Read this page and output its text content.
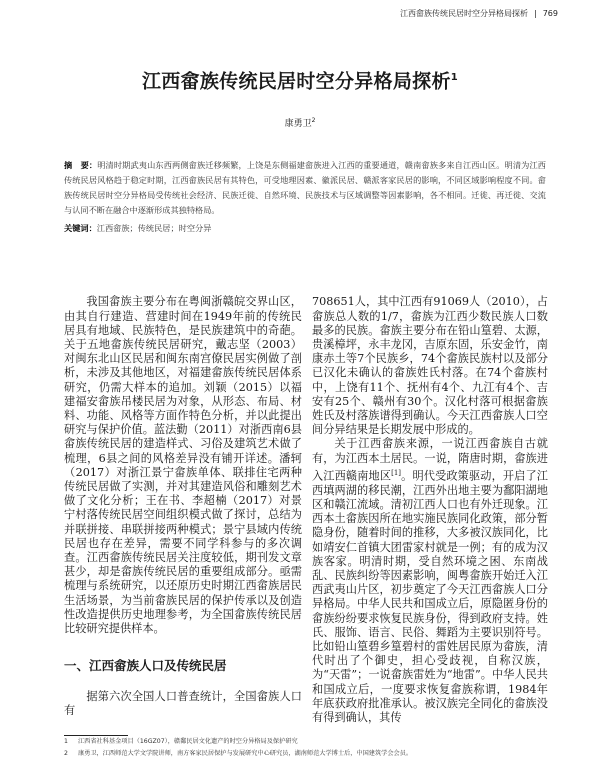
江西畲族传统民居时空分异格局探析 | 769
江西畲族传统民居时空分异格局探析$^1$
康勇卫$^2$
摘　要：明清时期武夷山东西两侧畲族迁移频繁，上饶是东侧福建畲族进入江西的重要通道，赣南畲族多来自江西山区。明清为江西传统民居风格趋于稳定时期，江西畲族民居有其特色，可受地理因素、徽派民居、赣派客家民居的影响，不同区域影响程度不同。畲族传统民居时空分异格局受传统社会经济、民族迁徙、自然环境、民族技术与区域调整等因素影响，各不相同。迁徙、再迁徙、交流与认同不断在融合中逐渐形成其独特格局。
关键词：江西畲族；传统民居；时空分异

我国畲族主要分布在粤闽浙赣皖交界山区，由其自行建造、营建时间在1949年前的传统民居具有地域、民族特色，是民族建筑中的奇葩。关于五地畲族传统民居研究，戴志坚（2003）对闽东北山区民居和闽东南宫僚民居实例做了剖析，未涉及其他地区，对福建畲族传统民居体系研究，仍需大样本的追加。刘颖（2015）以福建福安畲族吊楼民居为对象，从形态、布局、材料、功能、风格等方面作特色分析，并以此提出研究与保护价值。蓝法勤（2011）对浙西南6县畲族传统民居的建造样式、习俗及建筑艺术做了梳理，6县之间的风格差异没有铺开详述。潘轲（2017）对浙江景宁畲族单体、联排住宅两种传统民居做了实测，并对其建造风俗和雕刻艺术做了文化分析；王在书、李超楠（2017）对景宁村落传统民居空间组织模式做了探讨，总结为并联拼接、串联拼接两种模式；景宁县域内传统民居也存在差异，需要不同学科参与的多次调查。江西畲族传统民居关注度较低，期刊发文章甚少，却是畲族传统民居的重要组成部分。亟需梳理与系统研究，以还原历史时期江西畲族居民生活场景，为当前畲族民居的保护传承以及创造性改造提供历史地理参考，为全国畲族传统民居比较研究提供样本。

一、江西畲族人口及传统民居

据第六次全国人口普查统计，全国畲族人口有

708651人，其中江西有91069人（2010），占畲族总人数的1/7，畲族为江西少数民族人口数最多的民族。畲族主要分布在铅山篁碧、太源，贵溪樟坪，永丰龙冈，吉原东固，乐安金竹，南康赤土等7个民族乡，74个畲族民族村以及部分已汉化未确认的畲族姓氏村落。在74个畲族村中，上饶有11个、抚州有4个、九江有4个、吉安有25个、赣州有30个。汉化村落可根据畲族姓氏及村落族谱得到确认。今天江西畲族人口空间分异结果是长期发展中形成的。

关于江西畲族来源，一说江西畲族自古就有，为江西本土居民。一说，隋唐时期，畲族进入江西赣南地区[1]。明代受政策驱动，开启了江西填两湖的移民潮，江西外出地主要为鄱阳湖地区和赣江流域。清初江西人口也有外迁现象。江西本土畲族因所在地实施民族同化政策，部分暂隐身份，随着时间的推移，大多被汉族同化，比如靖安仁首镇大团雷家村就是一例；有的成为汉族客家。明清时期，受自然环境之困、东南战乱、民族纠纷等因素影响，闽粤畲族开始迁入江西武夷山片区，初步奠定了今天江西畲族人口分异格局。中华人民共和国成立后，原隐匿身份的畲族纷纷要求恢复民族身份，得到政府支持。姓氏、服饰、语言、民俗、舞蹈为主要识别符号。比如铅山篁碧乡篁碧村的雷姓居民原为畲族，清代时出了个御史，担心受歧视，自称汉族，为“天雷”；一说畲族雷姓为“地雷”。中华人民共和国成立后，一度要求恢复畲族称谓，1984年年底获政府批准承认。被汉族完全同化的畲族没有得到确认，其传

1 江西省社科基金项目（16GZ07），赣鄱民居文化遗产的时空分异格局及保护研究
2 康勇卫，江西师范大学文学院讲师，南方客家民居保护与发展研究中心研究员，湖南师范大学博士后，中国建筑学会会员。
